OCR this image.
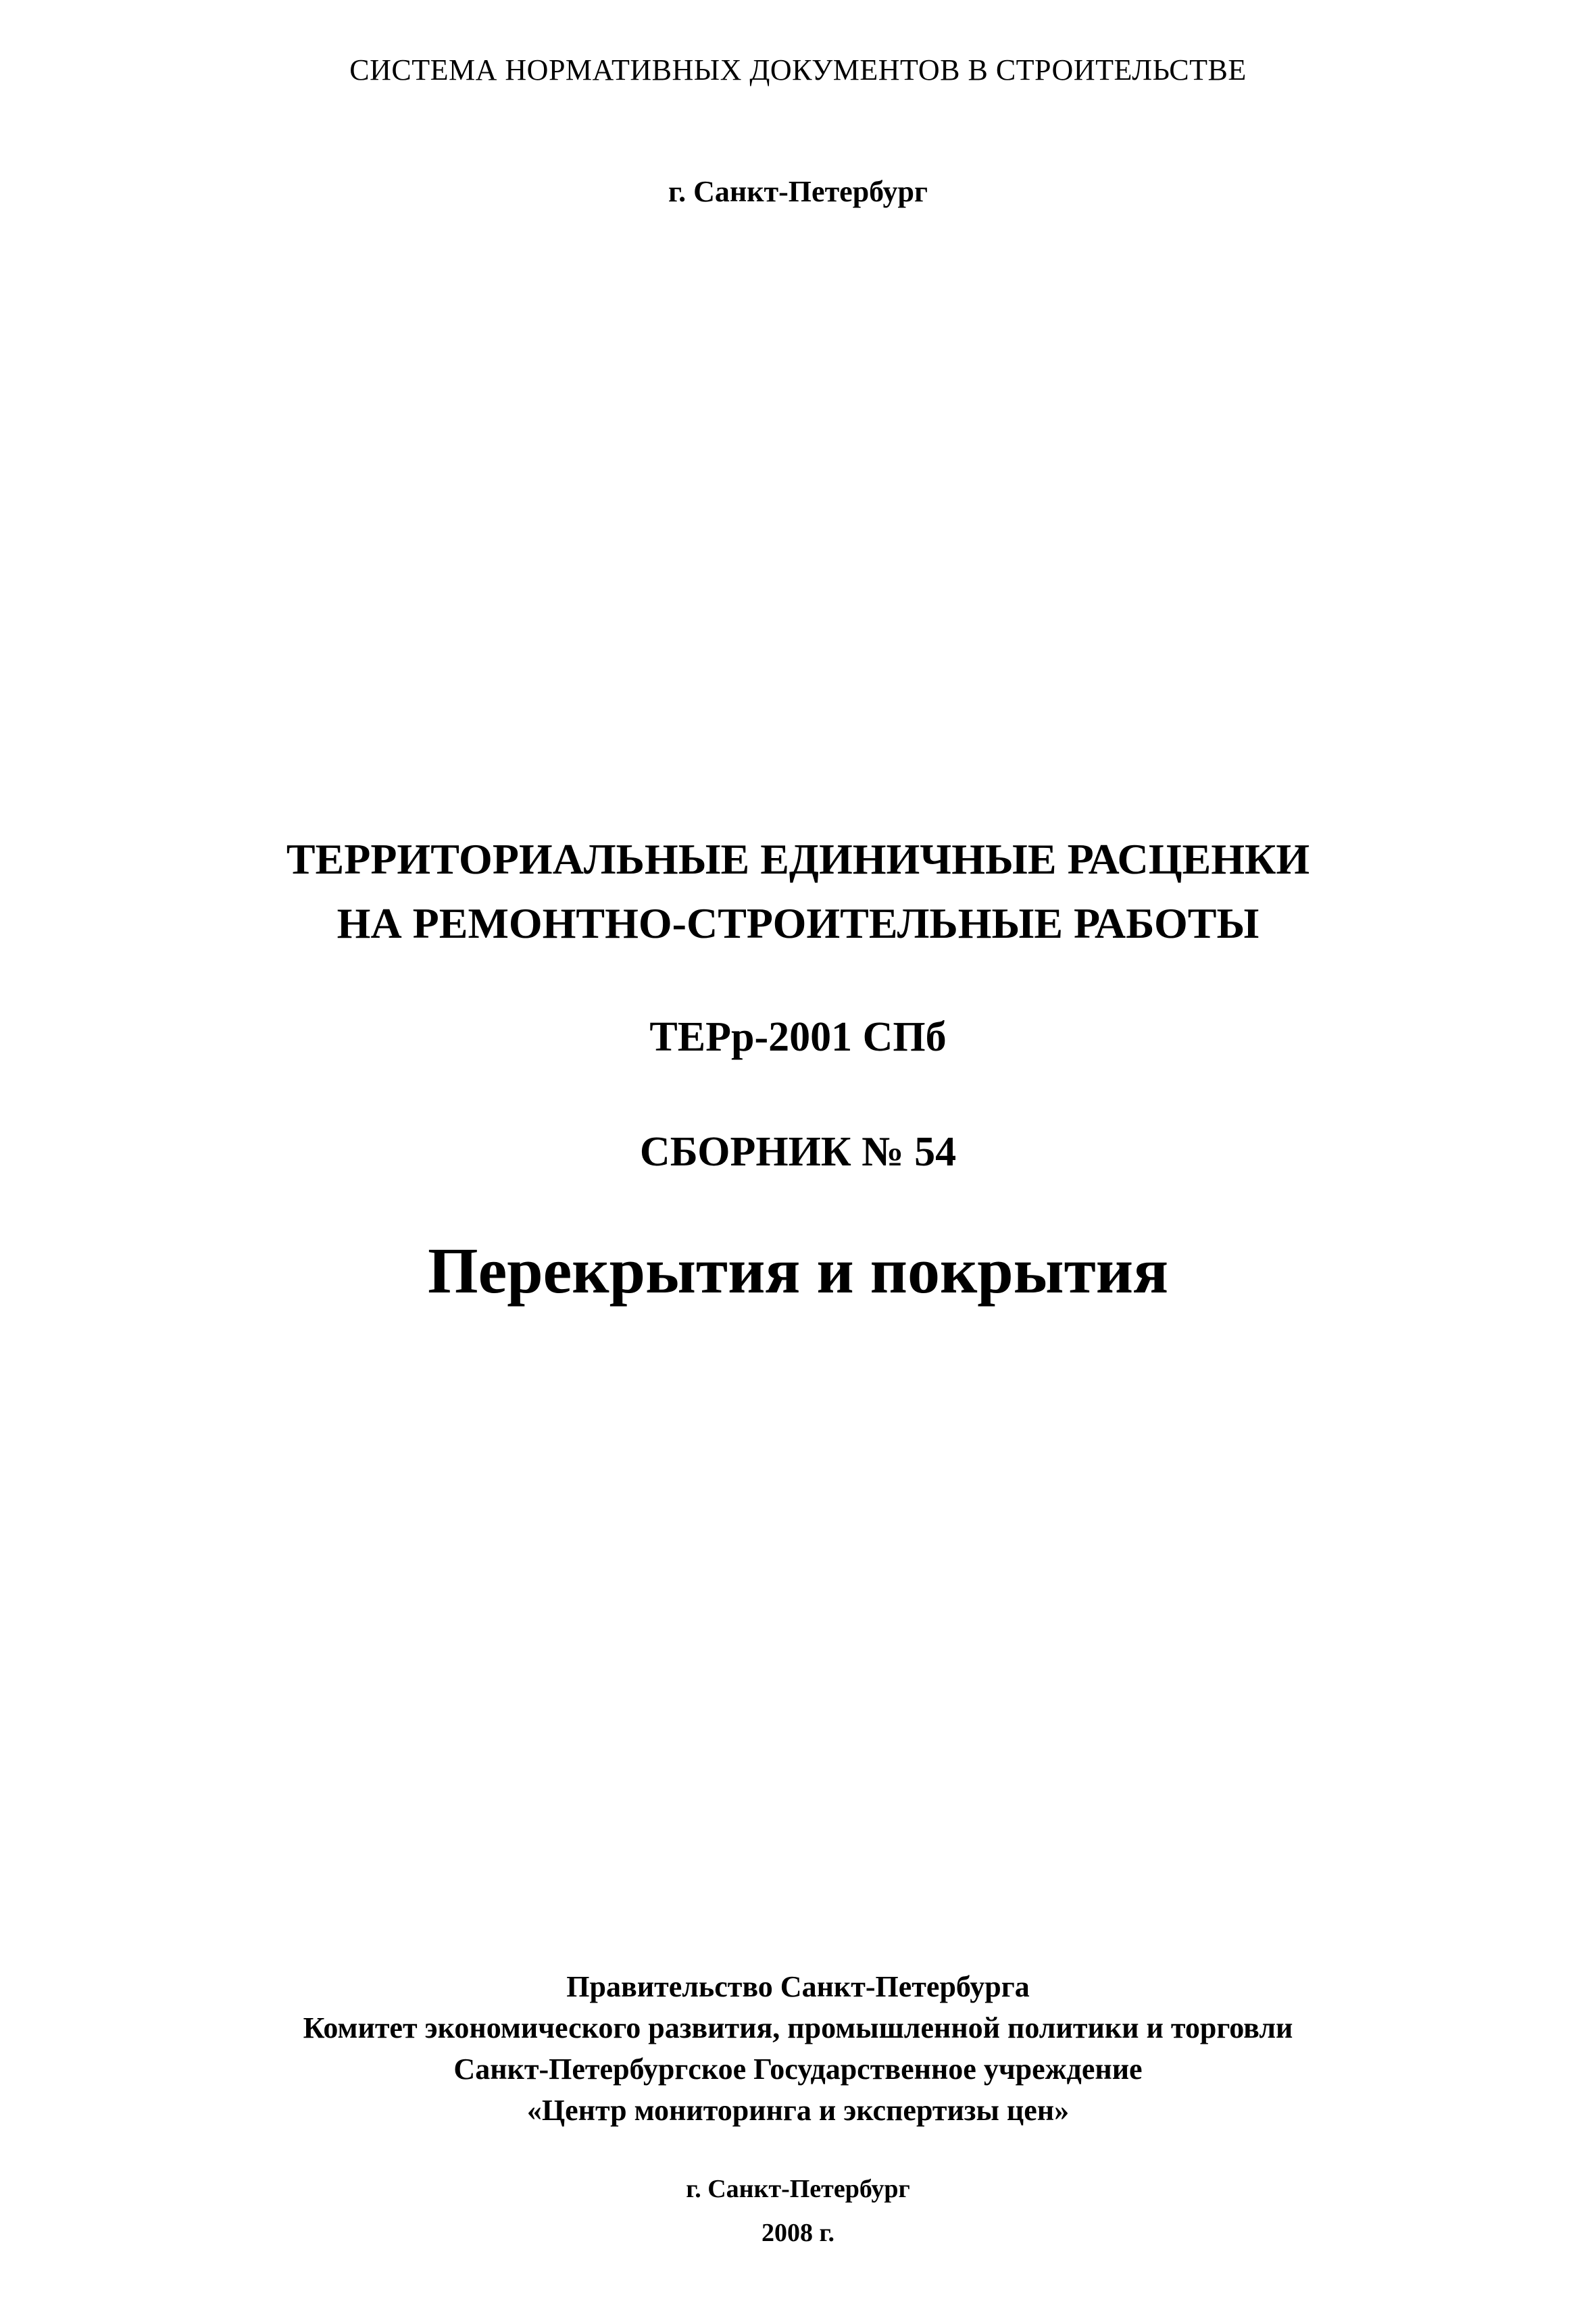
СИСТЕМА НОРМАТИВНЫХ ДОКУМЕНТОВ В СТРОИТЕЛЬСТВЕ

г. Санкт-Петербург

ТЕРРИТОРИАЛЬНЫЕ ЕДИНИЧНЫЕ РАСЦЕНКИ

НА РЕМОНТНО-СТРОИТЕЛЬНЫЕ РАБОТЫ

ТЕРр-2001 СПб

СБОРНИК № 54

Перекрытия и покрытия

Правительство Санкт-Петербурга

Комитет экономического развития, промышленной политики и торговли

Санкт-Петербургское Государственное учреждение

«Центр мониторинга и экспертизы цен»

г. Санкт-Петербург

2008 г.
